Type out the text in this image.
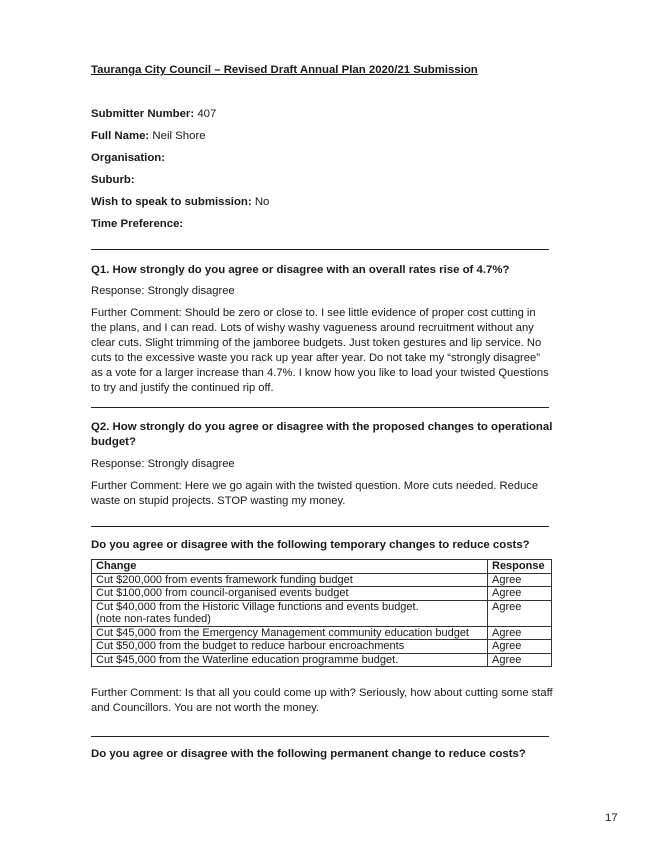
Tauranga City Council – Revised Draft Annual Plan 2020/21 Submission
Submitter Number: 407
Full Name: Neil Shore
Organisation:
Suburb:
Wish to speak to submission: No
Time Preference:
Q1. How strongly do you agree or disagree with an overall rates rise of 4.7%?
Response: Strongly disagree
Further Comment: Should be zero or close to. I see little evidence of proper cost cutting in the plans, and I can read. Lots of wishy washy vagueness around recruitment without any clear cuts. Slight trimming of the jamboree budgets. Just token gestures and lip service. No cuts to the excessive waste you rack up year after year. Do not take my “strongly disagree” as a vote for a larger increase than 4.7%. I know how you like to load your twisted Questions to try and justify the continued rip off.
Q2. How strongly do you agree or disagree with the proposed changes to operational budget?
Response: Strongly disagree
Further Comment: Here we go again with the twisted question. More cuts needed. Reduce waste on stupid projects. STOP wasting my money.
Do you agree or disagree with the following temporary changes to reduce costs?
Change	Response
Cut $200,000 from events framework funding budget	Agree
Cut $100,000 from council-organised events budget	Agree
Cut $40,000 from the Historic Village functions and events budget.
(note non-rates funded)	Agree
Cut $45,000 from the Emergency Management community education budget	Agree
Cut $50,000 from the budget to reduce harbour encroachments	Agree
Cut $45,000 from the Waterline education programme budget.	Agree
Further Comment: Is that all you could come up with? Seriously, how about cutting some staff and Councillors. You are not worth the money.
Do you agree or disagree with the following permanent change to reduce costs?
17
